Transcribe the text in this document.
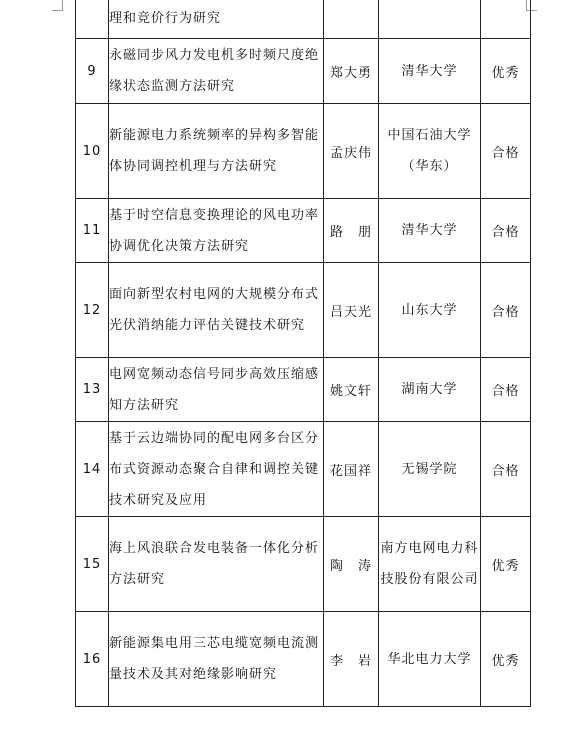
	理和竞价行为研究			
9	永磁同步风力发电机多时频尺度绝缘状态监测方法研究	郑大勇	清华大学	优秀
10	新能源电力系统频率的异构多智能体协同调控机理与方法研究	孟庆伟	中国石油大学（华东）	合格
11	基于时空信息变换理论的风电功率协调优化决策方法研究	路　朋	清华大学	合格
12	面向新型农村电网的大规模分布式光伏消纳能力评估关键技术研究	吕天光	山东大学	合格
13	电网宽频动态信号同步高效压缩感知方法研究	姚文轩	湖南大学	合格
14	基于云边端协同的配电网多台区分布式资源动态聚合自律和调控关键技术研究及应用	花国祥	无锡学院	合格
15	海上风浪联合发电装备一体化分析方法研究	陶　涛	南方电网电力科技股份有限公司	优秀
16	新能源集电用三芯电缆宽频电流测量技术及其对绝缘影响研究	李　岩	华北电力大学	优秀
